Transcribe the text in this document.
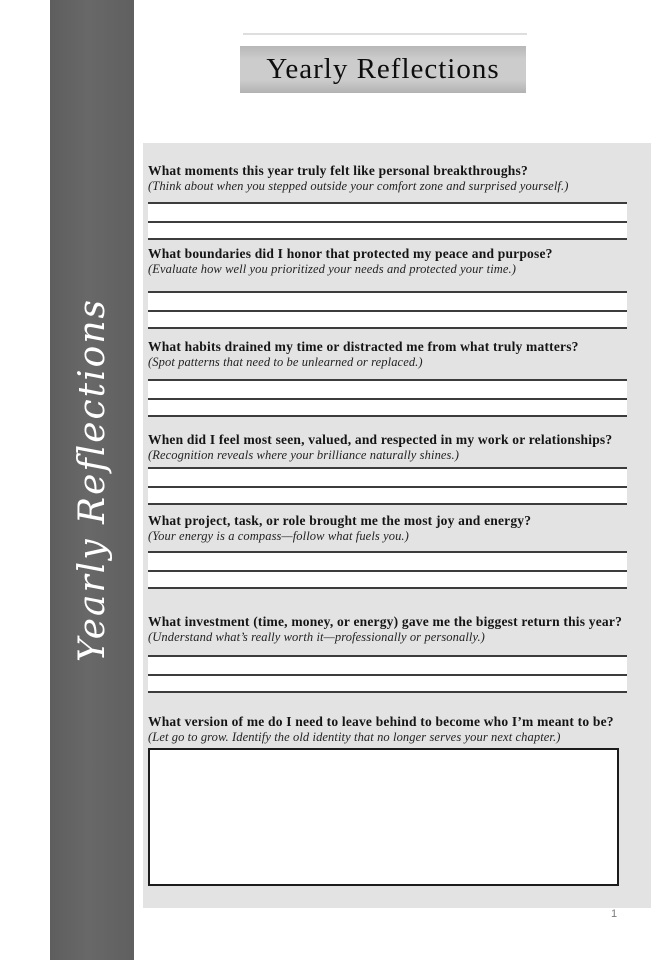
Yearly Reflections
Yearly Reflections
What moments this year truly felt like personal breakthroughs?
(Think about when you stepped outside your comfort zone and surprised yourself.)
What boundaries did I honor that protected my peace and purpose?
(Evaluate how well you prioritized your needs and protected your time.)
What habits drained my time or distracted me from what truly matters?
(Spot patterns that need to be unlearned or replaced.)
When did I feel most seen, valued, and respected in my work or relationships?
(Recognition reveals where your brilliance naturally shines.)
What project, task, or role brought me the most joy and energy?
(Your energy is a compass—follow what fuels you.)
What investment (time, money, or energy) gave me the biggest return this year?
(Understand what’s really worth it—professionally or personally.)
What version of me do I need to leave behind to become who I’m meant to be?
(Let go to grow. Identify the old identity that no longer serves your next chapter.)
1
